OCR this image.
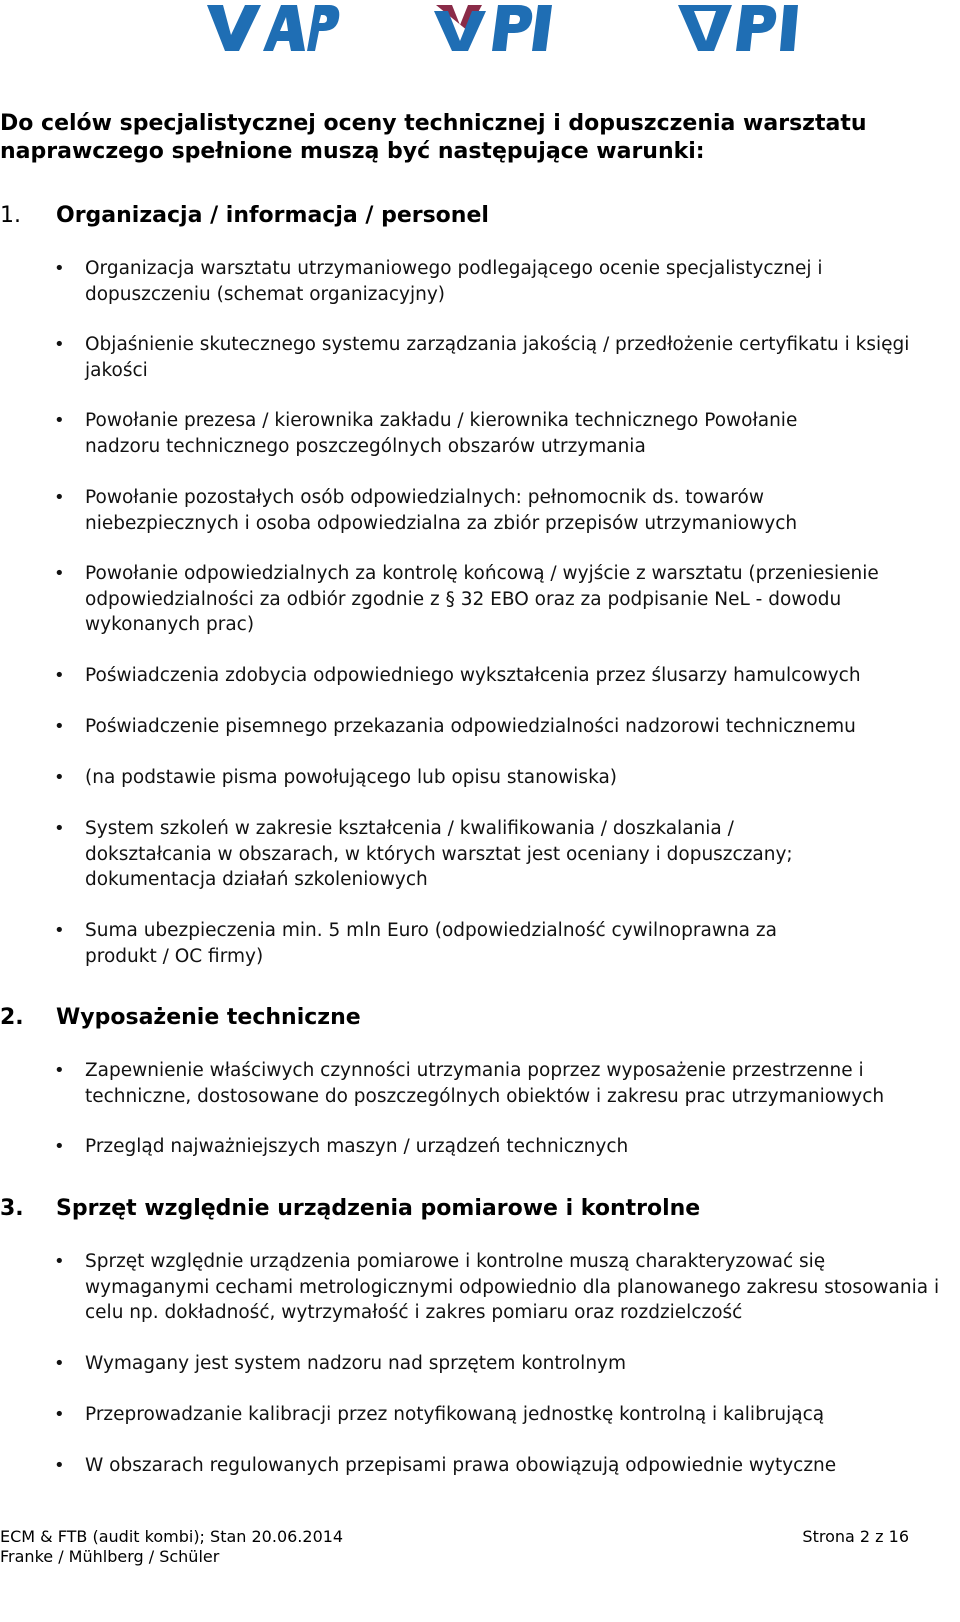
Do celów specjalistycznej oceny technicznej i dopuszczenia warsztatu naprawczego spełnione muszą być następujące warunki:
1. Organizacja / informacja / personel
• Organizacja warsztatu utrzymaniowego podlegającego ocenie specjalistycznej i dopuszczeniu (schemat organizacyjny)
• Objaśnienie skutecznego systemu zarządzania jakością / przedłożenie certyfikatu i księgi jakości
• Powołanie prezesa / kierownika zakładu / kierownika technicznego Powołanie nadzoru technicznego poszczególnych obszarów utrzymania
• Powołanie pozostałych osób odpowiedzialnych: pełnomocnik ds. towarów niebezpiecznych i osoba odpowiedzialna za zbiór przepisów utrzymaniowych
• Powołanie odpowiedzialnych za kontrolę końcową / wyjście z warsztatu (przeniesienie odpowiedzialności za odbiór zgodnie z § 32 EBO oraz za podpisanie NeL - dowodu wykonanych prac)
• Poświadczenia zdobycia odpowiedniego wykształcenia przez ślusarzy hamulcowych
• Poświadczenie pisemnego przekazania odpowiedzialności nadzorowi technicznemu
• (na podstawie pisma powołującego lub opisu stanowiska)
• System szkoleń w zakresie kształcenia / kwalifikowania / doszkalania / dokształcania w obszarach, w których warsztat jest oceniany i dopuszczany; dokumentacja działań szkoleniowych
• Suma ubezpieczenia min. 5 mln Euro (odpowiedzialność cywilnoprawna za produkt / OC firmy)
2. Wyposażenie techniczne
• Zapewnienie właściwych czynności utrzymania poprzez wyposażenie przestrzenne i techniczne, dostosowane do poszczególnych obiektów i zakresu prac utrzymaniowych
• Przegląd najważniejszych maszyn / urządzeń technicznych
3. Sprzęt względnie urządzenia pomiarowe i kontrolne
• Sprzęt względnie urządzenia pomiarowe i kontrolne muszą charakteryzować się wymaganymi cechami metrologicznymi odpowiednio dla planowanego zakresu stosowania i celu np. dokładność, wytrzymałość i zakres pomiaru oraz rozdzielczość
• Wymagany jest system nadzoru nad sprzętem kontrolnym
• Przeprowadzanie kalibracji przez notyfikowaną jednostkę kontrolną i kalibrującą
• W obszarach regulowanych przepisami prawa obowiązują odpowiednie wytyczne
ECM & FTB (audit kombi); Stan 20.06.2014
Franke / Mühlberg / Schüler
Strona 2 z 16
